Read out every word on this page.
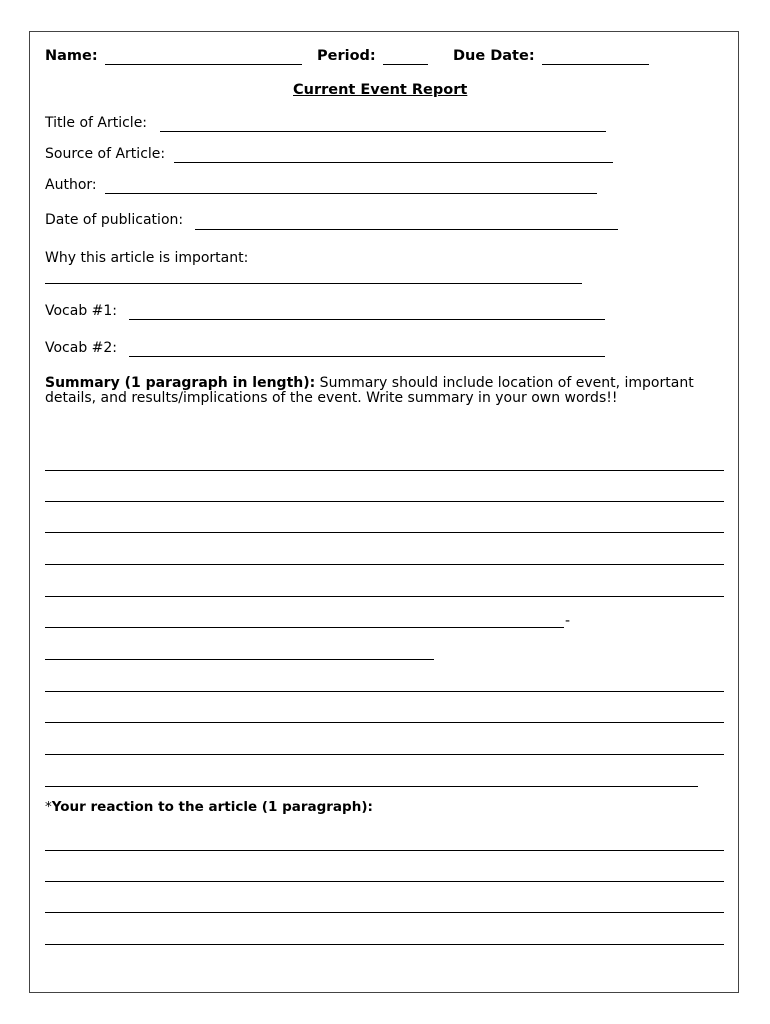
Name:	Period:	Due Date:
Current Event Report
Title of Article:
Source of Article:
Author:
Date of publication:
Why this article is important:
Vocab #1:
Vocab #2:
Summary (1 paragraph in length): Summary should include location of event, important details, and results/implications of the event. Write summary in your own words!!
-
*Your reaction to the article (1 paragraph):
